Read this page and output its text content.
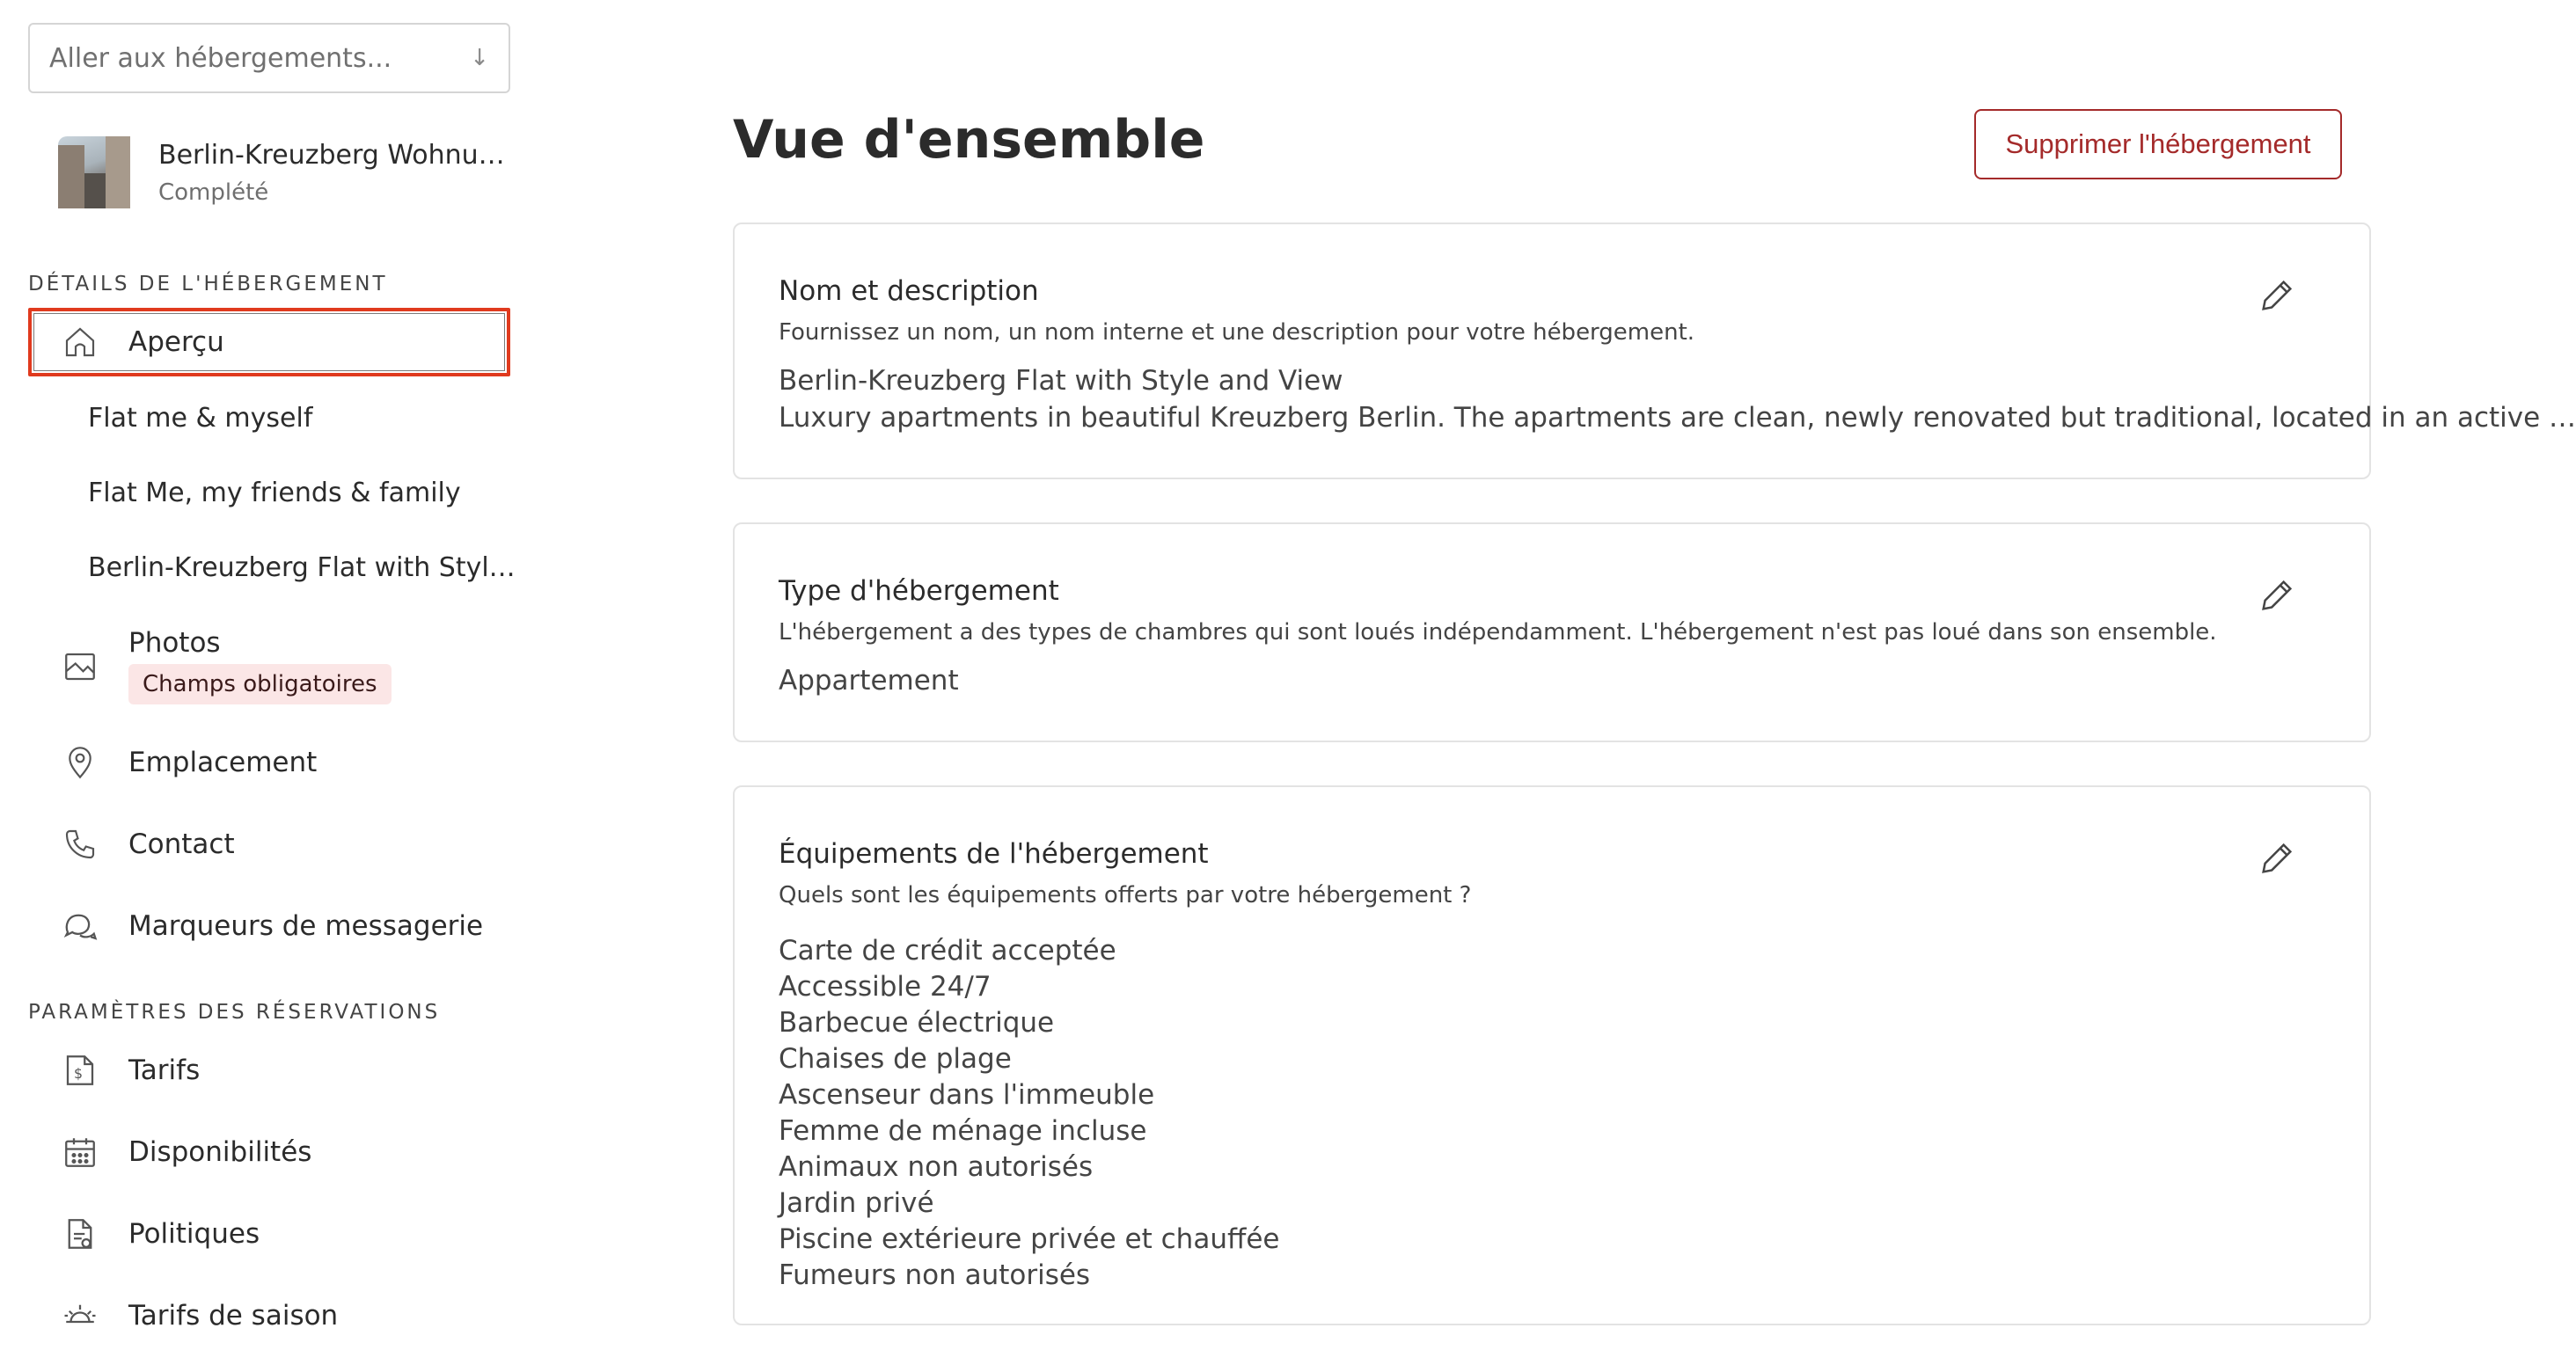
Aller aux hébergements...	↓
Berlin-Kreuzberg Wohnu…
Complété
DÉTAILS DE L'HÉBERGEMENT
Aperçu
Flat me & myself
Flat Me, my friends & family
Berlin-Kreuzberg Flat with Styl…
Photos
Champs obligatoires
Emplacement
Contact
Marqueurs de messagerie
PARAMÈTRES DES RÉSERVATIONS
$ Tarifs
Disponibilités
Politiques
Tarifs de saison
Vue d'ensemble	Supprimer l'hébergement
Nom et description
Fournissez un nom, un nom interne et une description pour votre hébergement.
Berlin-Kreuzberg Flat with Style and View
Luxury apartments in beautiful Kreuzberg Berlin. The apartments are clean, newly renovated but traditional, located in an active …
Type d'hébergement
L'hébergement a des types de chambres qui sont loués indépendamment. L'hébergement n'est pas loué dans son ensemble.
Appartement
Équipements de l'hébergement
Quels sont les équipements offerts par votre hébergement ?
Carte de crédit acceptée
Accessible 24/7
Barbecue électrique
Chaises de plage
Ascenseur dans l'immeuble
Femme de ménage incluse
Animaux non autorisés
Jardin privé
Piscine extérieure privée et chauffée
Fumeurs non autorisés
